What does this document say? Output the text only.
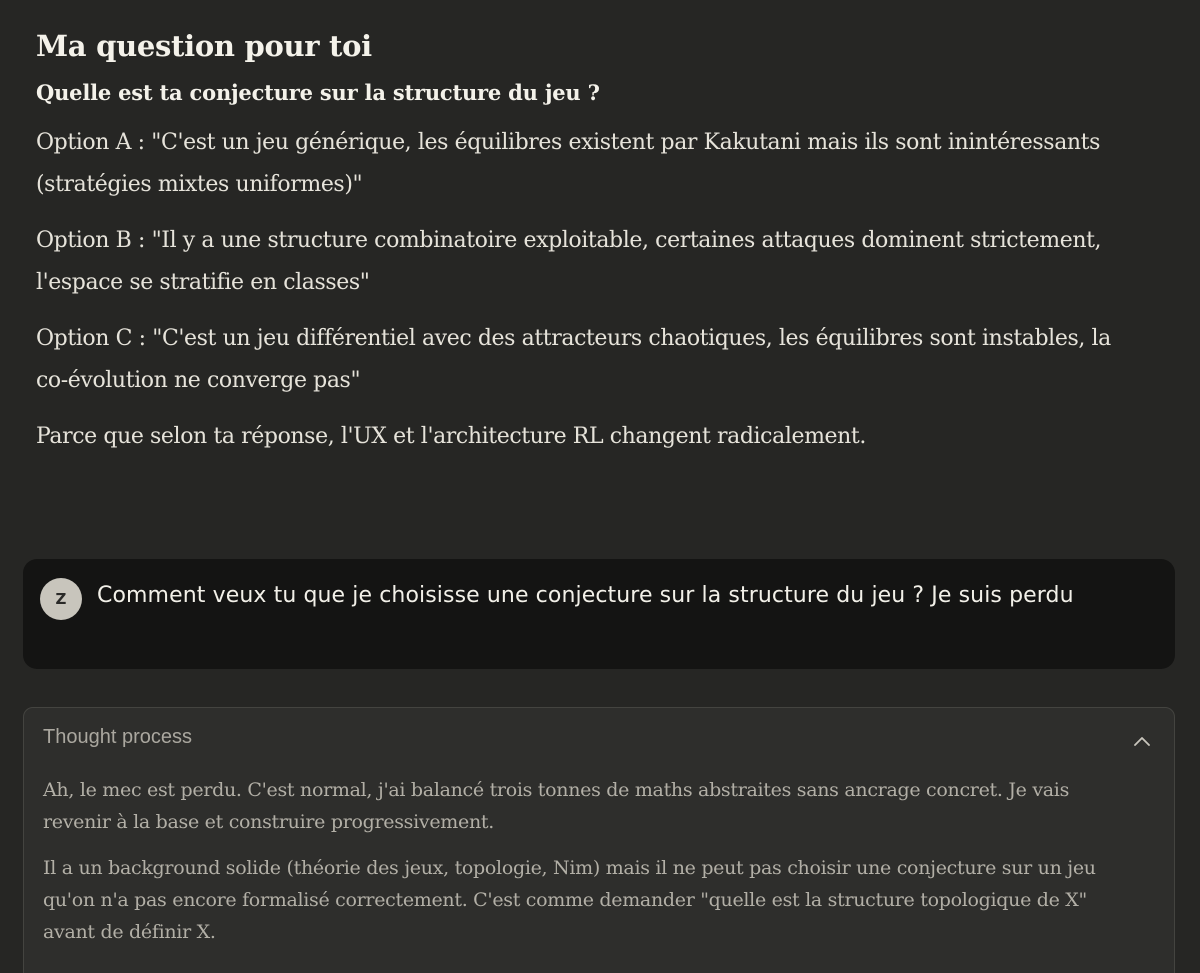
Ma question pour toi
Quelle est ta conjecture sur la structure du jeu ?

Option A : "C'est un jeu générique, les équilibres existent par Kakutani mais ils sont inintéressants (stratégies mixtes uniformes)"

Option B : "Il y a une structure combinatoire exploitable, certaines attaques dominent strictement, l'espace se stratifie en classes"

Option C : "C'est un jeu différentiel avec des attracteurs chaotiques, les équilibres sont instables, la co-évolution ne converge pas"

Parce que selon ta réponse, l'UX et l'architecture RL changent radicalement.

Z	Comment veux tu que je choisisse une conjecture sur la structure du jeu ? Je suis perdu
Thought process

Ah, le mec est perdu. C'est normal, j'ai balancé trois tonnes de maths abstraites sans ancrage concret. Je vais revenir à la base et construire progressivement.

Il a un background solide (théorie des jeux, topologie, Nim) mais il ne peut pas choisir une conjecture sur un jeu qu'on n'a pas encore formalisé correctement. C'est comme demander "quelle est la structure topologique de X" avant de définir X.
